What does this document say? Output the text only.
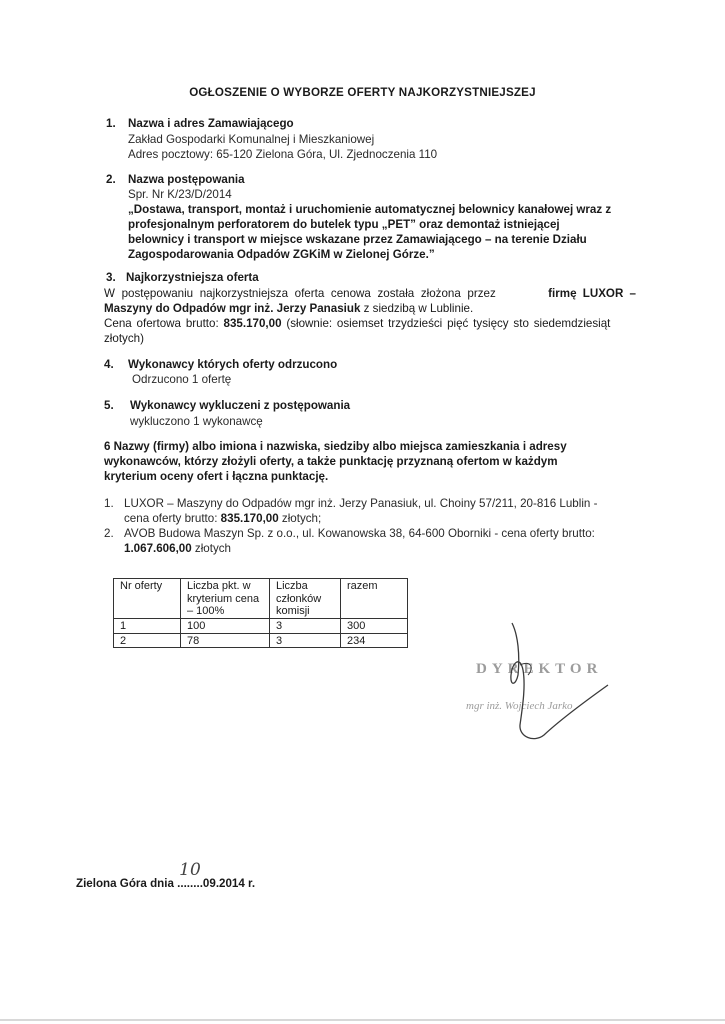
OGŁOSZENIE O WYBORZE OFERTY NAJKORZYSTNIEJSZEJ
1. Nazwa i adres Zamawiającego
Zakład Gospodarki Komunalnej i Mieszkaniowej
Adres pocztowy: 65-120 Zielona Góra, Ul. Zjednoczenia 110
2. Nazwa postępowania
Spr. Nr K/23/D/2014
„Dostawa, transport, montaż i uruchomienie automatycznej belownicy kanałowej wraz z
profesjonalnym perforatorem do butelek typu „PET” oraz demontaż istniejącej
belownicy i transport w miejsce wskazane przez Zamawiającego – na terenie Działu
Zagospodarowania Odpadów ZGKiM w Zielonej Górze.”
3. Najkorzystniejsza oferta
W postępowaniu najkorzystniejsza oferta cenowa została złożona przez	firmę LUXOR –
Maszyny do Odpadów mgr inż. Jerzy Panasiuk z siedzibą w Lublinie.
Cena ofertowa brutto: 835.170,00 (słownie: osiemset trzydzieści pięć tysięcy sto siedemdziesiąt
złotych)
4. Wykonawcy których oferty odrzucono
Odrzucono 1 ofertę
5. Wykonawcy wykluczeni z postępowania
wykluczono 1 wykonawcę
6 Nazwy (firmy) albo imiona i nazwiska, siedziby albo miejsca zamieszkania i adresy
wykonawców, którzy złożyli oferty, a także punktację przyznaną ofertom w każdym
kryterium oceny ofert i łączna punktację.
1. LUXOR – Maszyny do Odpadów mgr inż. Jerzy Panasiuk, ul. Choiny 57/211, 20-816 Lublin -
cena oferty brutto: 835.170,00 złotych;
2. AVOB Budowa Maszyn Sp. z o.o., ul. Kowanowska 38, 64-600 Oborniki - cena oferty brutto:
1.067.606,00 złotych
Nr oferty	Liczba pkt. w kryterium cena – 100%	Liczba członków komisji	razem
1	100	3	300
2	78	3	234
DYREKTOR
mgr inż. Wojciech Jarko
Zielona Góra dnia
10
........09.2014 r.
